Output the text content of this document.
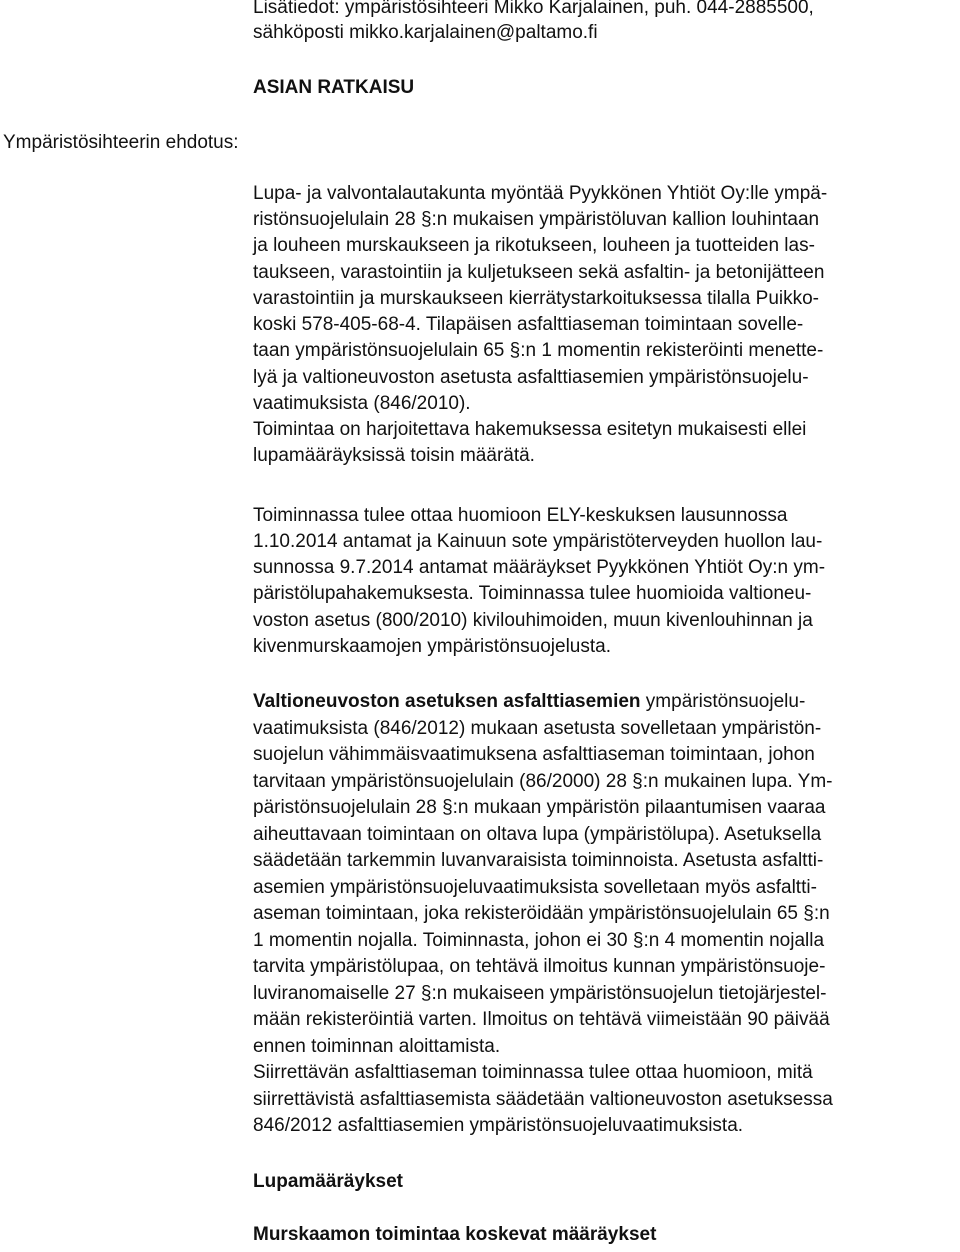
Lisätiedot: ympäristösihteeri Mikko Karjalainen, puh. 044-2885500,
sähköposti mikko.karjalainen@paltamo.fi
ASIAN RATKAISU
Ympäristösihteerin ehdotus:
Lupa- ja valvontalautakunta myöntää Pyykkönen Yhtiöt Oy:lle ympä-
ristönsuojelulain 28 §:n mukaisen ympäristöluvan kallion louhintaan
ja louheen murskaukseen ja rikotukseen, louheen ja tuotteiden las-
taukseen, varastointiin ja kuljetukseen sekä asfaltin- ja betonijätteen
varastointiin ja murskaukseen kierrätystarkoituksessa tilalla Puikko-
koski 578-405-68-4. Tilapäisen asfalttiaseman toimintaan sovelle-
taan ympäristönsuojelulain 65 §:n 1 momentin rekisteröinti menette-
lyä ja valtioneuvoston asetusta asfalttiasemien ympäristönsuojelu-
vaatimuksista (846/2010).
Toimintaa on harjoitettava hakemuksessa esitetyn mukaisesti ellei
lupamääräyksissä toisin määrätä.
Toiminnassa tulee ottaa huomioon ELY-keskuksen lausunnossa
1.10.2014 antamat ja Kainuun sote ympäristöterveyden huollon lau-
sunnossa 9.7.2014 antamat määräykset Pyykkönen Yhtiöt Oy:n ym-
päristölupahakemuksesta. Toiminnassa tulee huomioida valtioneu-
voston asetus (800/2010) kivilouhimoiden, muun kivenlouhinnan ja
kivenmurskaamojen ympäristönsuojelusta.
Valtioneuvoston asetuksen asfalttiasemien ympäristönsuojelu-
vaatimuksista (846/2012) mukaan asetusta sovelletaan ympäristön-
suojelun vähimmäisvaatimuksena asfalttiaseman toimintaan, johon
tarvitaan ympäristönsuojelulain (86/2000) 28 §:n mukainen lupa. Ym-
päristönsuojelulain 28 §:n mukaan ympäristön pilaantumisen vaaraa
aiheuttavaan toimintaan on oltava lupa (ympäristölupa). Asetuksella
säädetään tarkemmin luvanvaraisista toiminnoista. Asetusta asfaltti-
asemien ympäristönsuojeluvaatimuksista sovelletaan myös asfaltti-
aseman toimintaan, joka rekisteröidään ympäristönsuojelulain 65 §:n
1 momentin nojalla. Toiminnasta, johon ei 30 §:n 4 momentin nojalla
tarvita ympäristölupaa, on tehtävä ilmoitus kunnan ympäristönsuoje-
luviranomaiselle 27 §:n mukaiseen ympäristönsuojelun tietojärjestel-
mään rekisteröintiä varten. Ilmoitus on tehtävä viimeistään 90 päivää
ennen toiminnan aloittamista.
Siirrettävän asfalttiaseman toiminnassa tulee ottaa huomioon, mitä
siirrettävistä asfalttiasemista säädetään valtioneuvoston asetuksessa
846/2012 asfalttiasemien ympäristönsuojeluvaatimuksista.
Lupamääräykset
Murskaamon toimintaa koskevat määräykset
